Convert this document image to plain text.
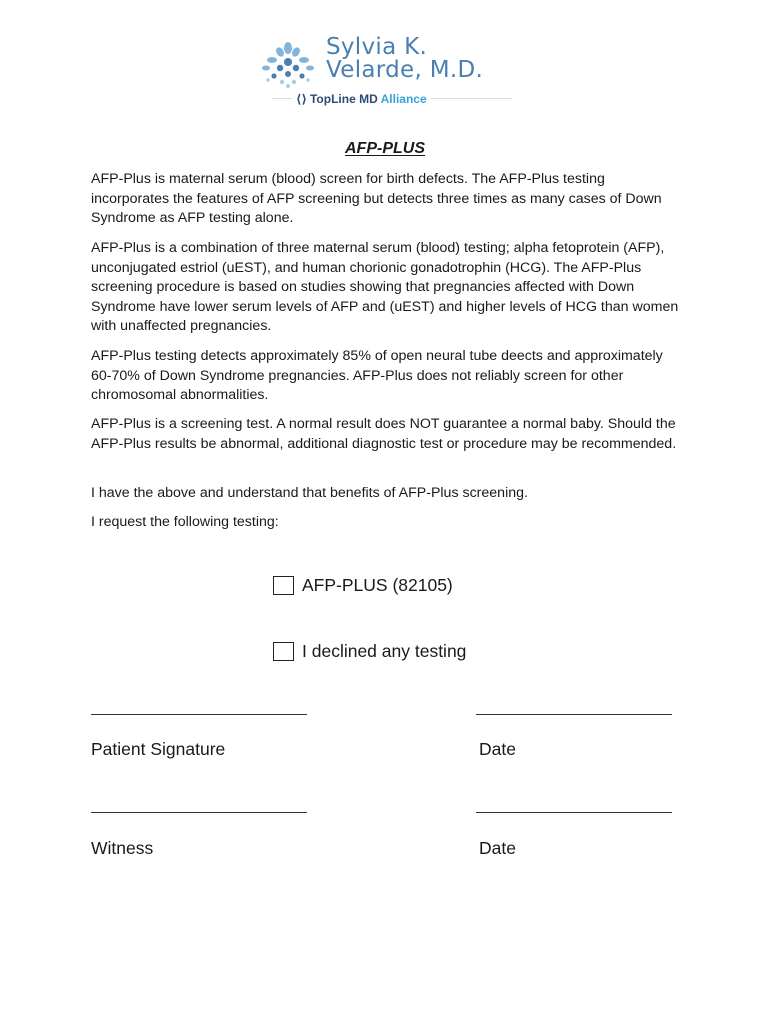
Sylvia K.
Velarde, M.D.
⟨⟩ TopLine MD Alliance
AFP-PLUS

AFP-Plus is maternal serum (blood) screen for birth defects. The AFP-Plus testing incorporates the features of AFP screening but detects three times as many cases of Down Syndrome as AFP testing alone.

AFP-Plus is a combination of three maternal serum (blood) testing; alpha fetoprotein (AFP), unconjugated estriol (uEST), and human chorionic gonadotrophin (HCG). The AFP-Plus screening procedure is based on studies showing that pregnancies affected with Down Syndrome have lower serum levels of AFP and (uEST) and higher levels of HCG than women with unaffected pregnancies.

AFP-Plus testing detects approximately 85% of open neural tube deects and approximately 60-70% of Down Syndrome pregnancies. AFP-Plus does not reliably screen for other chromosomal abnormalities.

AFP-Plus is a screening test. A normal result does NOT guarantee a normal baby. Should the AFP-Plus results be abnormal, additional diagnostic test or procedure may be recommended.

I have the above and understand that benefits of AFP-Plus screening.

I request the following testing:

AFP-PLUS (82105)
I declined any testing
Patient Signature	Date
Witness	Date
